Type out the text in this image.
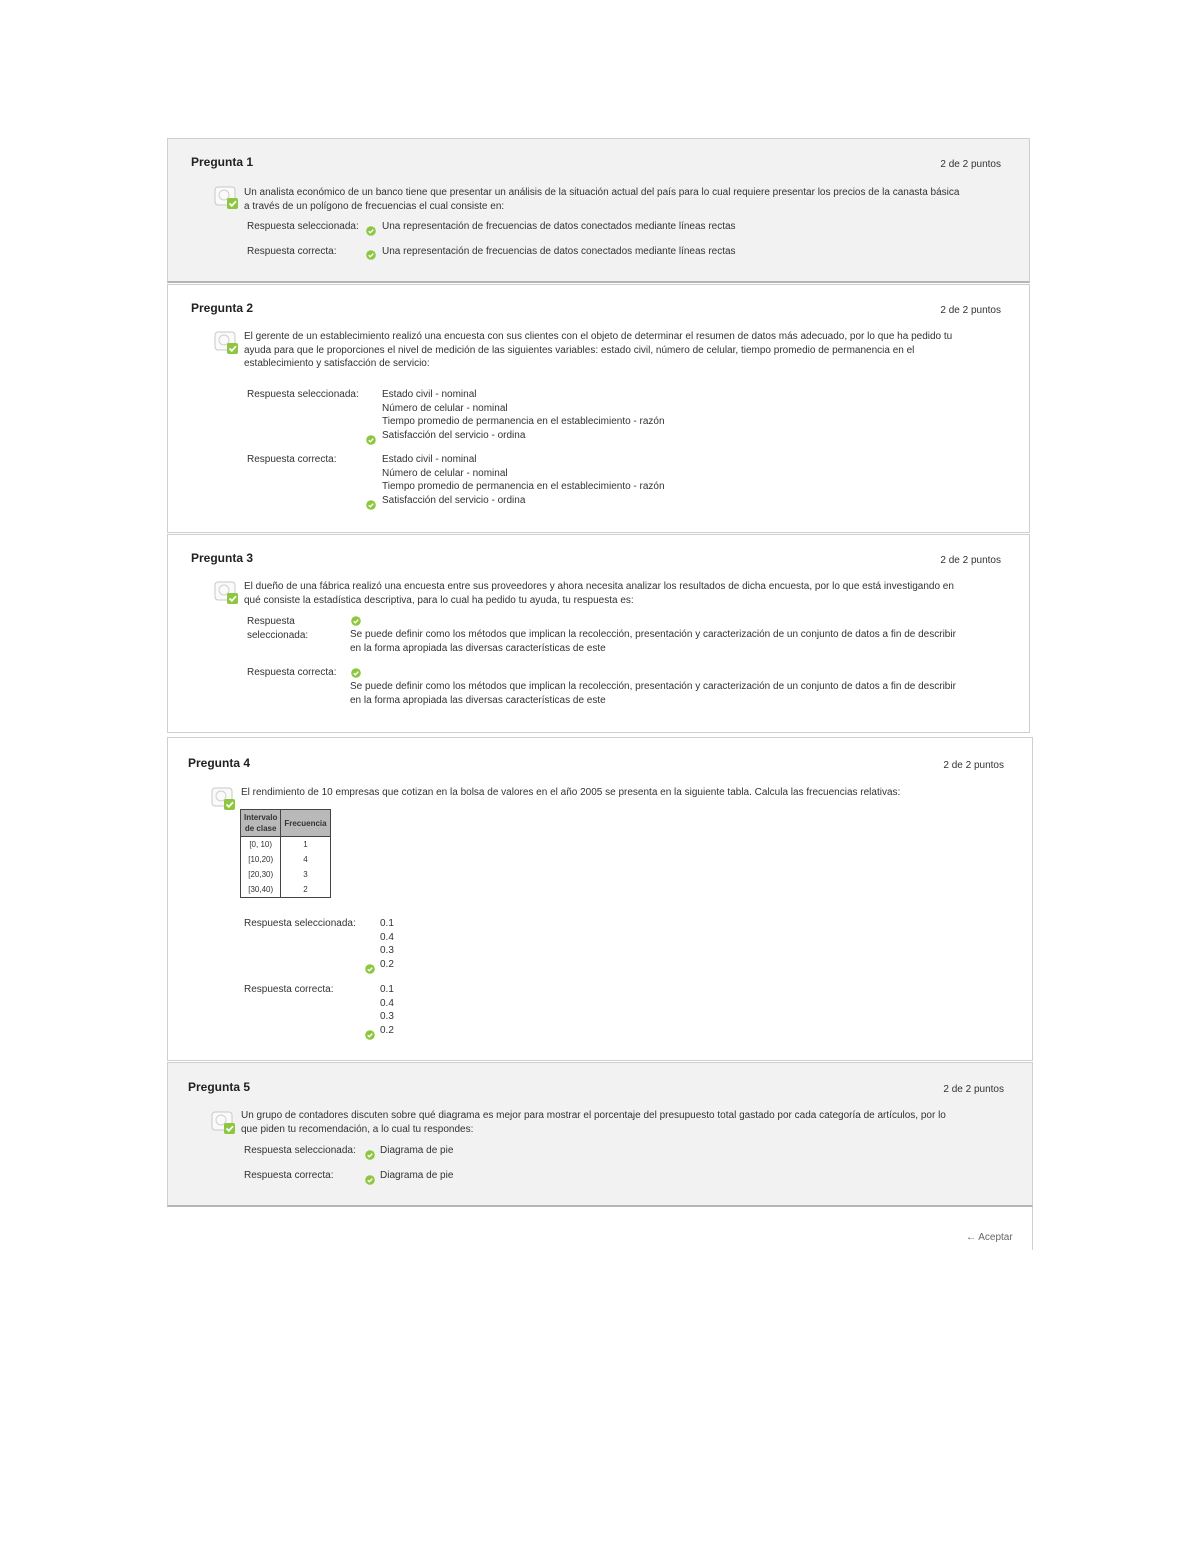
Pregunta 1	2 de 2 puntos
Un analista económico de un banco tiene que presentar un análisis de la situación actual del país para lo cual requiere presentar los precios de la canasta básica
a través de un polígono de frecuencias el cual consiste en:
Respuesta seleccionada: Una representación de frecuencias de datos conectados mediante líneas rectas
Respuesta correcta:	Una representación de frecuencias de datos conectados mediante líneas rectas
Pregunta 2	2 de 2 puntos
El gerente de un establecimiento realizó una encuesta con sus clientes con el objeto de determinar el resumen de datos más adecuado, por lo que ha pedido tu
ayuda para que le proporciones el nivel de medición de las siguientes variables: estado civil, número de celular, tiempo promedio de permanencia en el
establecimiento y satisfacción de servicio:
Respuesta seleccionada: Estado civil - nominal
Número de celular - nominal
Tiempo promedio de permanencia en el establecimiento - razón
Satisfacción del servicio - ordina
Respuesta correcta:	Estado civil - nominal
Número de celular - nominal
Tiempo promedio de permanencia en el establecimiento - razón
Satisfacción del servicio - ordina
Pregunta 3	2 de 2 puntos
El dueño de una fábrica realizó una encuesta entre sus proveedores y ahora necesita analizar los resultados de dicha encuesta, por lo que está investigando en
qué consiste la estadística descriptiva, para lo cual ha pedido tu ayuda, tu respuesta es:
Respuesta
seleccionada:	Se puede definir como los métodos que implican la recolección, presentación y caracterización de un conjunto de datos a fin de describir
en la forma apropiada las diversas características de este
Respuesta correcta:
Se puede definir como los métodos que implican la recolección, presentación y caracterización de un conjunto de datos a fin de describir
en la forma apropiada las diversas características de este
Pregunta 4	2 de 2 puntos
El rendimiento de 10 empresas que cotizan en la bolsa de valores en el año 2005 se presenta en la siguiente tabla. Calcula las frecuencias relativas:
Intervalo
de clase	Frecuencia
[0, 10)	1
[10,20)	4
[20,30)	3
[30,40)	2
Respuesta seleccionada: 0.1
0.4
0.3
0.2
Respuesta correcta:	0.1
0.4
0.3
0.2
Pregunta 5	2 de 2 puntos
Un grupo de contadores discuten sobre qué diagrama es mejor para mostrar el porcentaje del presupuesto total gastado por cada categoría de artículos, por lo
que piden tu recomendación, a lo cual tu respondes:
Respuesta seleccionada: Diagrama de pie
Respuesta correcta:	Diagrama de pie
← Aceptar
